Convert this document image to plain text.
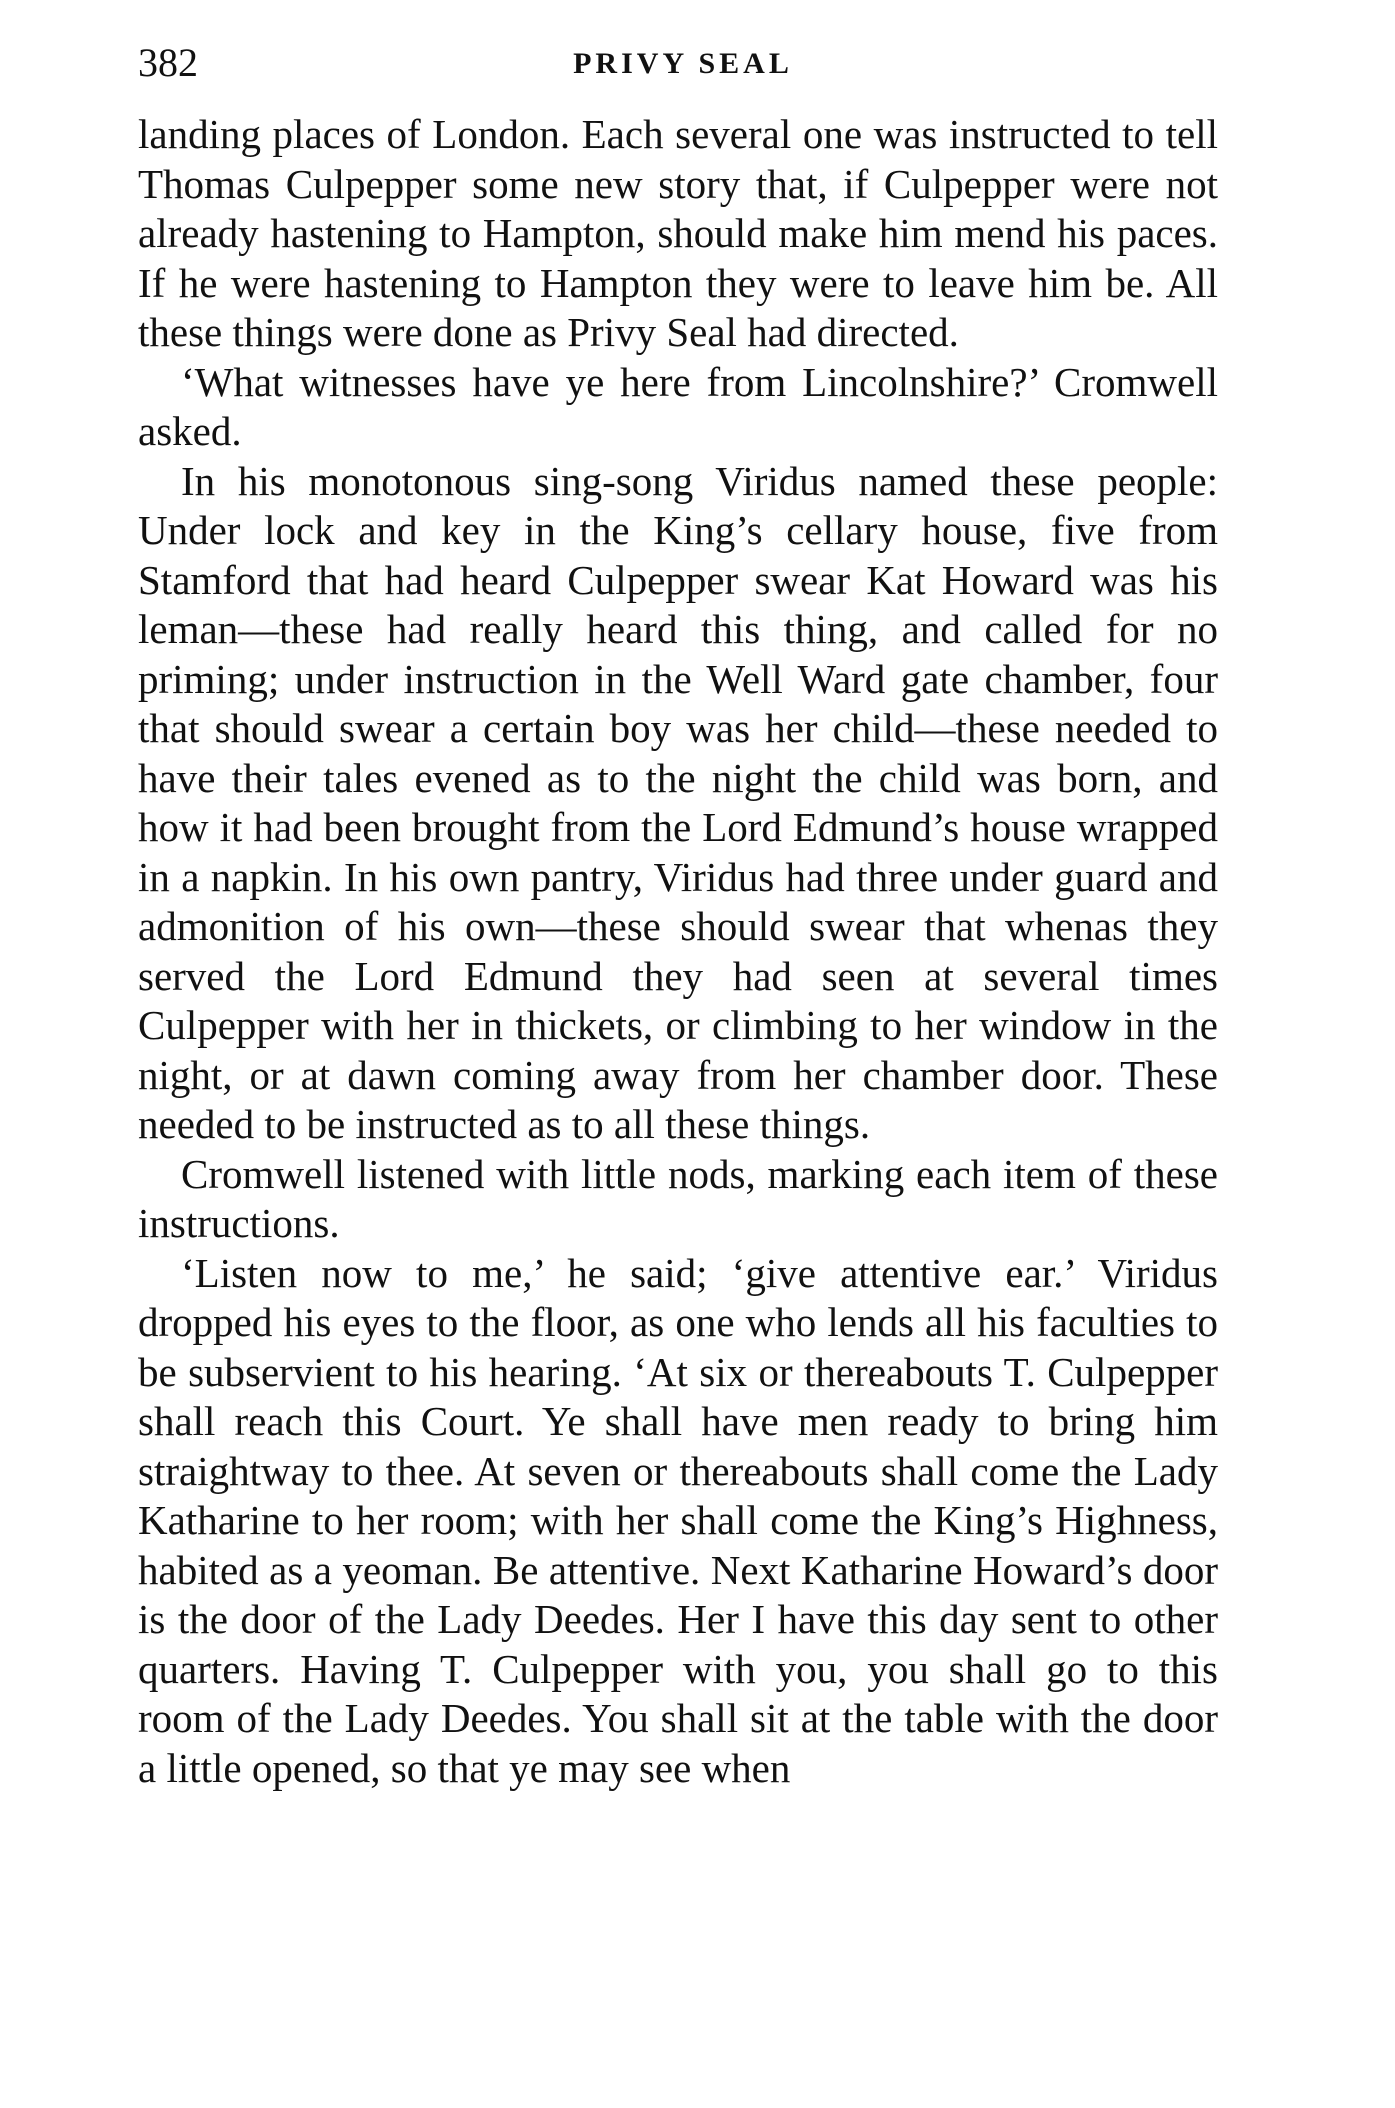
382	PRIVY SEAL

landing places of London. Each several one was instructed to tell Thomas Culpepper some new story that, if Culpepper were not already hastening to Hampton, should make him mend his paces. If he were hastening to Hampton they were to leave him be. All these things were done as Privy Seal had directed.

‘What witnesses have ye here from Lincolnshire?’ Cromwell asked.

In his monotonous sing-song Viridus named these people: Under lock and key in the King’s cellary house, five from Stamford that had heard Culpepper swear Kat Howard was his leman—these had really heard this thing, and called for no priming; under instruction in the Well Ward gate chamber, four that should swear a certain boy was her child—these needed to have their tales evened as to the night the child was born, and how it had been brought from the Lord Edmund’s house wrapped in a napkin. In his own pantry, Viridus had three under guard and admonition of his own—these should swear that whenas they served the Lord Edmund they had seen at several times Culpepper with her in thickets, or climbing to her window in the night, or at dawn coming away from her chamber door. These needed to be instructed as to all these things.

Cromwell listened with little nods, marking each item of these instructions.

‘Listen now to me,’ he said; ‘give attentive ear.’ Viridus dropped his eyes to the floor, as one who lends all his faculties to be subservient to his hearing. ‘At six or thereabouts T. Culpepper shall reach this Court. Ye shall have men ready to bring him straightway to thee. At seven or thereabouts shall come the Lady Katharine to her room; with her shall come the King’s Highness, habited as a yeoman. Be attentive. Next Katharine Howard’s door is the door of the Lady Deedes. Her I have this day sent to other quarters. Having T. Culpepper with you, you shall go to this room of the Lady Deedes. You shall sit at the table with the door a little opened, so that ye may see when
